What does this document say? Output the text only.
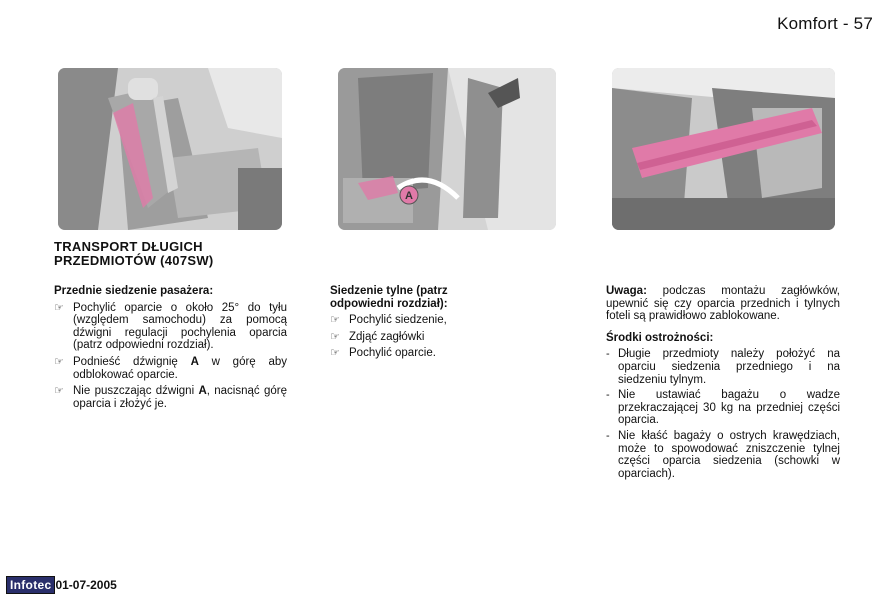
Komfort - 57
A
TRANSPORT DŁUGICH
PRZEDMIOTÓW (407SW)
Przednie siedzenie pasażera:
☞ Pochylić oparcie o około 25° do tyłu (względem samochodu) za pomocą dźwigni regulacji pochylenia oparcia (patrz odpowiedni rozdział).
☞ Podnieść dźwignię A w górę aby odblokować oparcie.
☞ Nie puszczając dźwigni A, nacisnąć górę oparcia i złożyć je.
Siedzenie tylne (patrz odpowiedni rozdział):
☞ Pochylić siedzenie,
☞ Zdjąć zagłówki
☞ Pochylić oparcie.
Uwaga: podczas montażu zagłówków, upewnić się czy oparcia przednich i tylnych foteli są prawidłowo zablokowane.
Środki ostrożności:
- Długie przedmioty należy położyć na oparciu siedzenia przedniego i na siedzeniu tylnym.
- Nie ustawiać bagażu o wadze przekraczającej 30 kg na przedniej części oparcia.
- Nie kłaść bagaży o ostrych krawędziach, może to spowodować zniszczenie tylnej części oparcia siedzenia (schowki w oparciach).
Infotec 01-07-2005
